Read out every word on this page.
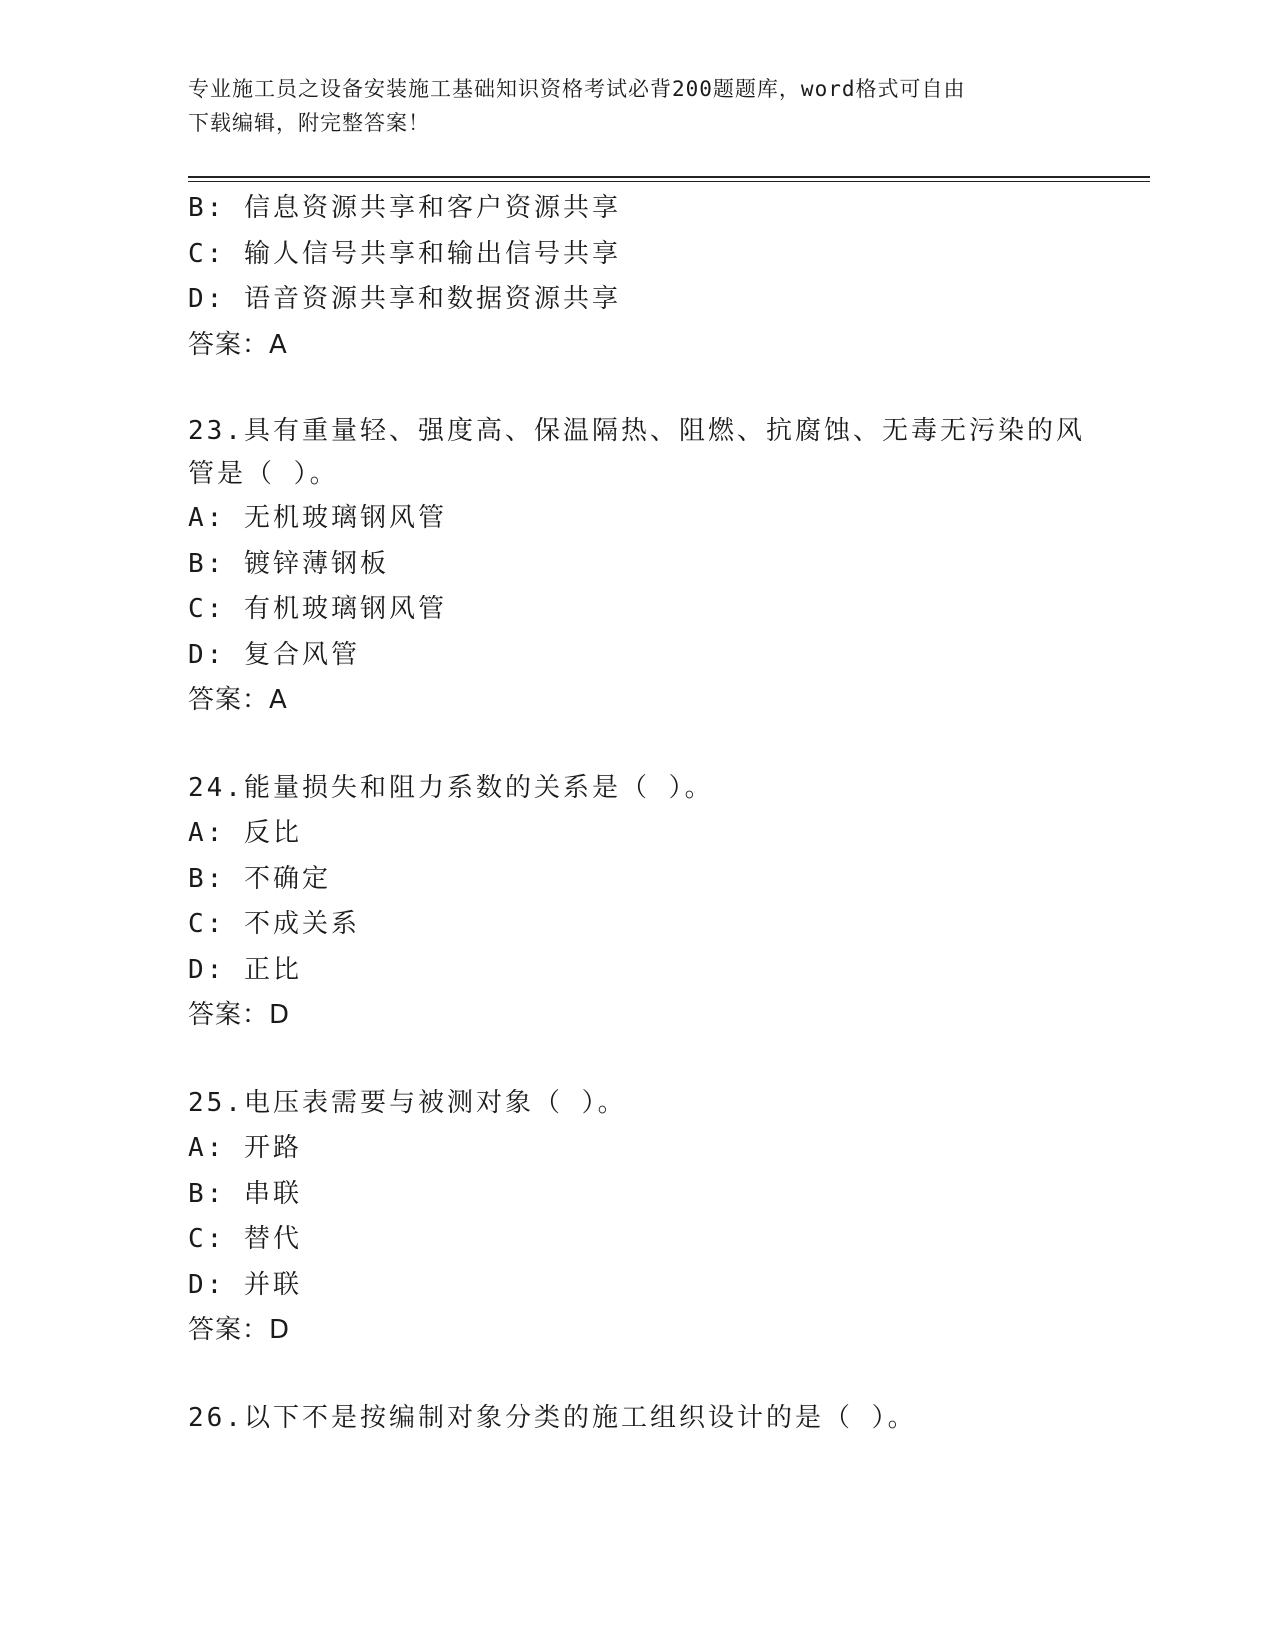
专业施工员之设备安装施工基础知识资格考试必背200题题库，word格式可自由
下载编辑，附完整答案！
B: 信息资源共享和客户资源共享
C: 输人信号共享和输出信号共享
D: 语音资源共享和数据资源共享
答案：A
23.具有重量轻、强度高、保温隔热、阻燃、抗腐蚀、无毒无污染的风
管是（ ）。
A: 无机玻璃钢风管
B: 镀锌薄钢板
C: 有机玻璃钢风管
D: 复合风管
答案：A
24.能量损失和阻力系数的关系是（ ）。
A: 反比
B: 不确定
C: 不成关系
D: 正比
答案：D
25.电压表需要与被测对象（ ）。
A: 开路
B: 串联
C: 替代
D: 并联
答案：D
26.以下不是按编制对象分类的施工组织设计的是（ ）。
